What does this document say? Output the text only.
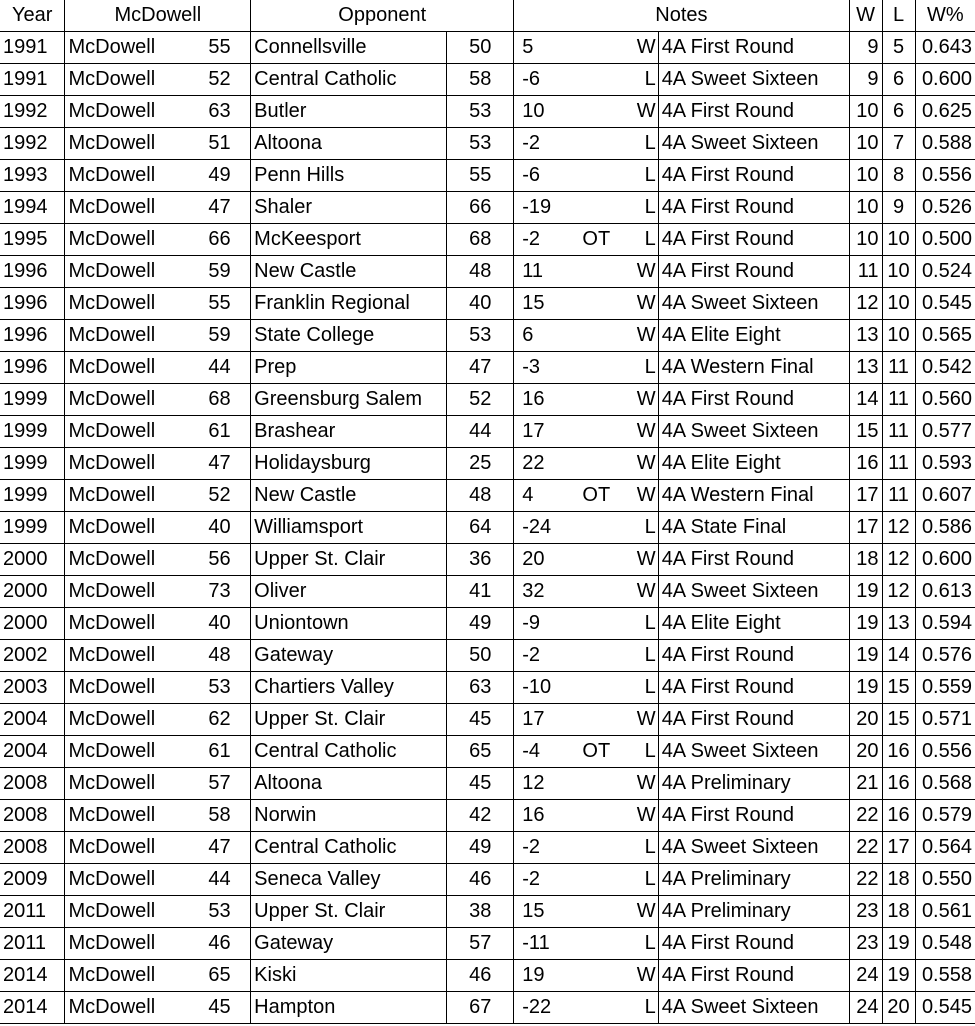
Year	McDowell		Opponent		Notes				W	L	W%
1991	McDowell	55	Connellsville	50	5		W	4A First Round	9	5	0.643
1991	McDowell	52	Central Catholic	58	-6		L	4A Sweet Sixteen	9	6	0.600
1992	McDowell	63	Butler	53	10		W	4A First Round	10	6	0.625
1992	McDowell	51	Altoona	53	-2		L	4A Sweet Sixteen	10	7	0.588
1993	McDowell	49	Penn Hills	55	-6		L	4A First Round	10	8	0.556
1994	McDowell	47	Shaler	66	-19		L	4A First Round	10	9	0.526
1995	McDowell	66	McKeesport	68	-2	OT	L	4A First Round	10	10	0.500
1996	McDowell	59	New Castle	48	11		W	4A First Round	11	10	0.524
1996	McDowell	55	Franklin Regional	40	15		W	4A Sweet Sixteen	12	10	0.545
1996	McDowell	59	State College	53	6		W	4A Elite Eight	13	10	0.565
1996	McDowell	44	Prep	47	-3		L	4A Western Final	13	11	0.542
1999	McDowell	68	Greensburg Salem	52	16		W	4A First Round	14	11	0.560
1999	McDowell	61	Brashear	44	17		W	4A Sweet Sixteen	15	11	0.577
1999	McDowell	47	Holidaysburg	25	22		W	4A Elite Eight	16	11	0.593
1999	McDowell	52	New Castle	48	4	OT	W	4A Western Final	17	11	0.607
1999	McDowell	40	Williamsport	64	-24		L	4A State Final	17	12	0.586
2000	McDowell	56	Upper St. Clair	36	20		W	4A First Round	18	12	0.600
2000	McDowell	73	Oliver	41	32		W	4A Sweet Sixteen	19	12	0.613
2000	McDowell	40	Uniontown	49	-9		L	4A Elite Eight	19	13	0.594
2002	McDowell	48	Gateway	50	-2		L	4A First Round	19	14	0.576
2003	McDowell	53	Chartiers Valley	63	-10		L	4A First Round	19	15	0.559
2004	McDowell	62	Upper St. Clair	45	17		W	4A First Round	20	15	0.571
2004	McDowell	61	Central Catholic	65	-4	OT	L	4A Sweet Sixteen	20	16	0.556
2008	McDowell	57	Altoona	45	12		W	4A Preliminary	21	16	0.568
2008	McDowell	58	Norwin	42	16		W	4A First Round	22	16	0.579
2008	McDowell	47	Central Catholic	49	-2		L	4A Sweet Sixteen	22	17	0.564
2009	McDowell	44	Seneca Valley	46	-2		L	4A Preliminary	22	18	0.550
2011	McDowell	53	Upper St. Clair	38	15		W	4A Preliminary	23	18	0.561
2011	McDowell	46	Gateway	57	-11		L	4A First Round	23	19	0.548
2014	McDowell	65	Kiski	46	19		W	4A First Round	24	19	0.558
2014	McDowell	45	Hampton	67	-22		L	4A Sweet Sixteen	24	20	0.545
